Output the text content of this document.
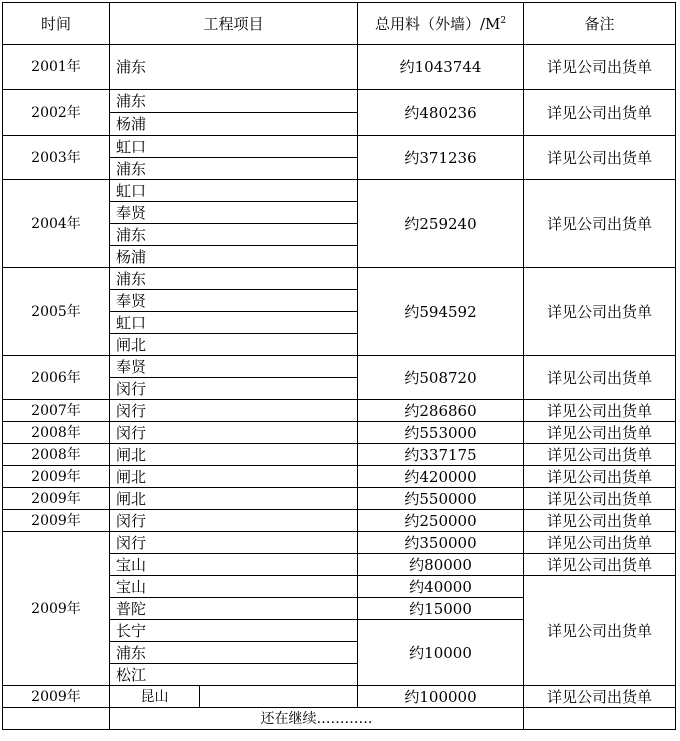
时间	工程项目		总用料（外墙）$/M^2$	备注
2001年	浦东		约1043744	详见公司出货单
2002年	浦东		约480236	详见公司出货单
	杨浦			
2003年	虹口		约371236	详见公司出货单
	浦东			
2004年	虹口		约259240	详见公司出货单
	奉贤			
	浦东			
	杨浦			
2005年	浦东		约594592	详见公司出货单
	奉贤			
	虹口			
	闸北			
2006年	奉贤		约508720	详见公司出货单
	闵行			
2007年	闵行		约286860	详见公司出货单
2008年	闵行		约553000	详见公司出货单
2008年	闸北		约337175	详见公司出货单
2009年	闸北		约420000	详见公司出货单
2009年	闸北		约550000	详见公司出货单
2009年	闵行		约250000	详见公司出货单
2009年	闵行		约350000	详见公司出货单
	宝山		约80000	详见公司出货单
	宝山		约40000	详见公司出货单
	普陀		约15000	
	长宁		约10000	
	浦东			
	松江			
2009年	昆山		约100000	详见公司出货单
	还在继续…………			
